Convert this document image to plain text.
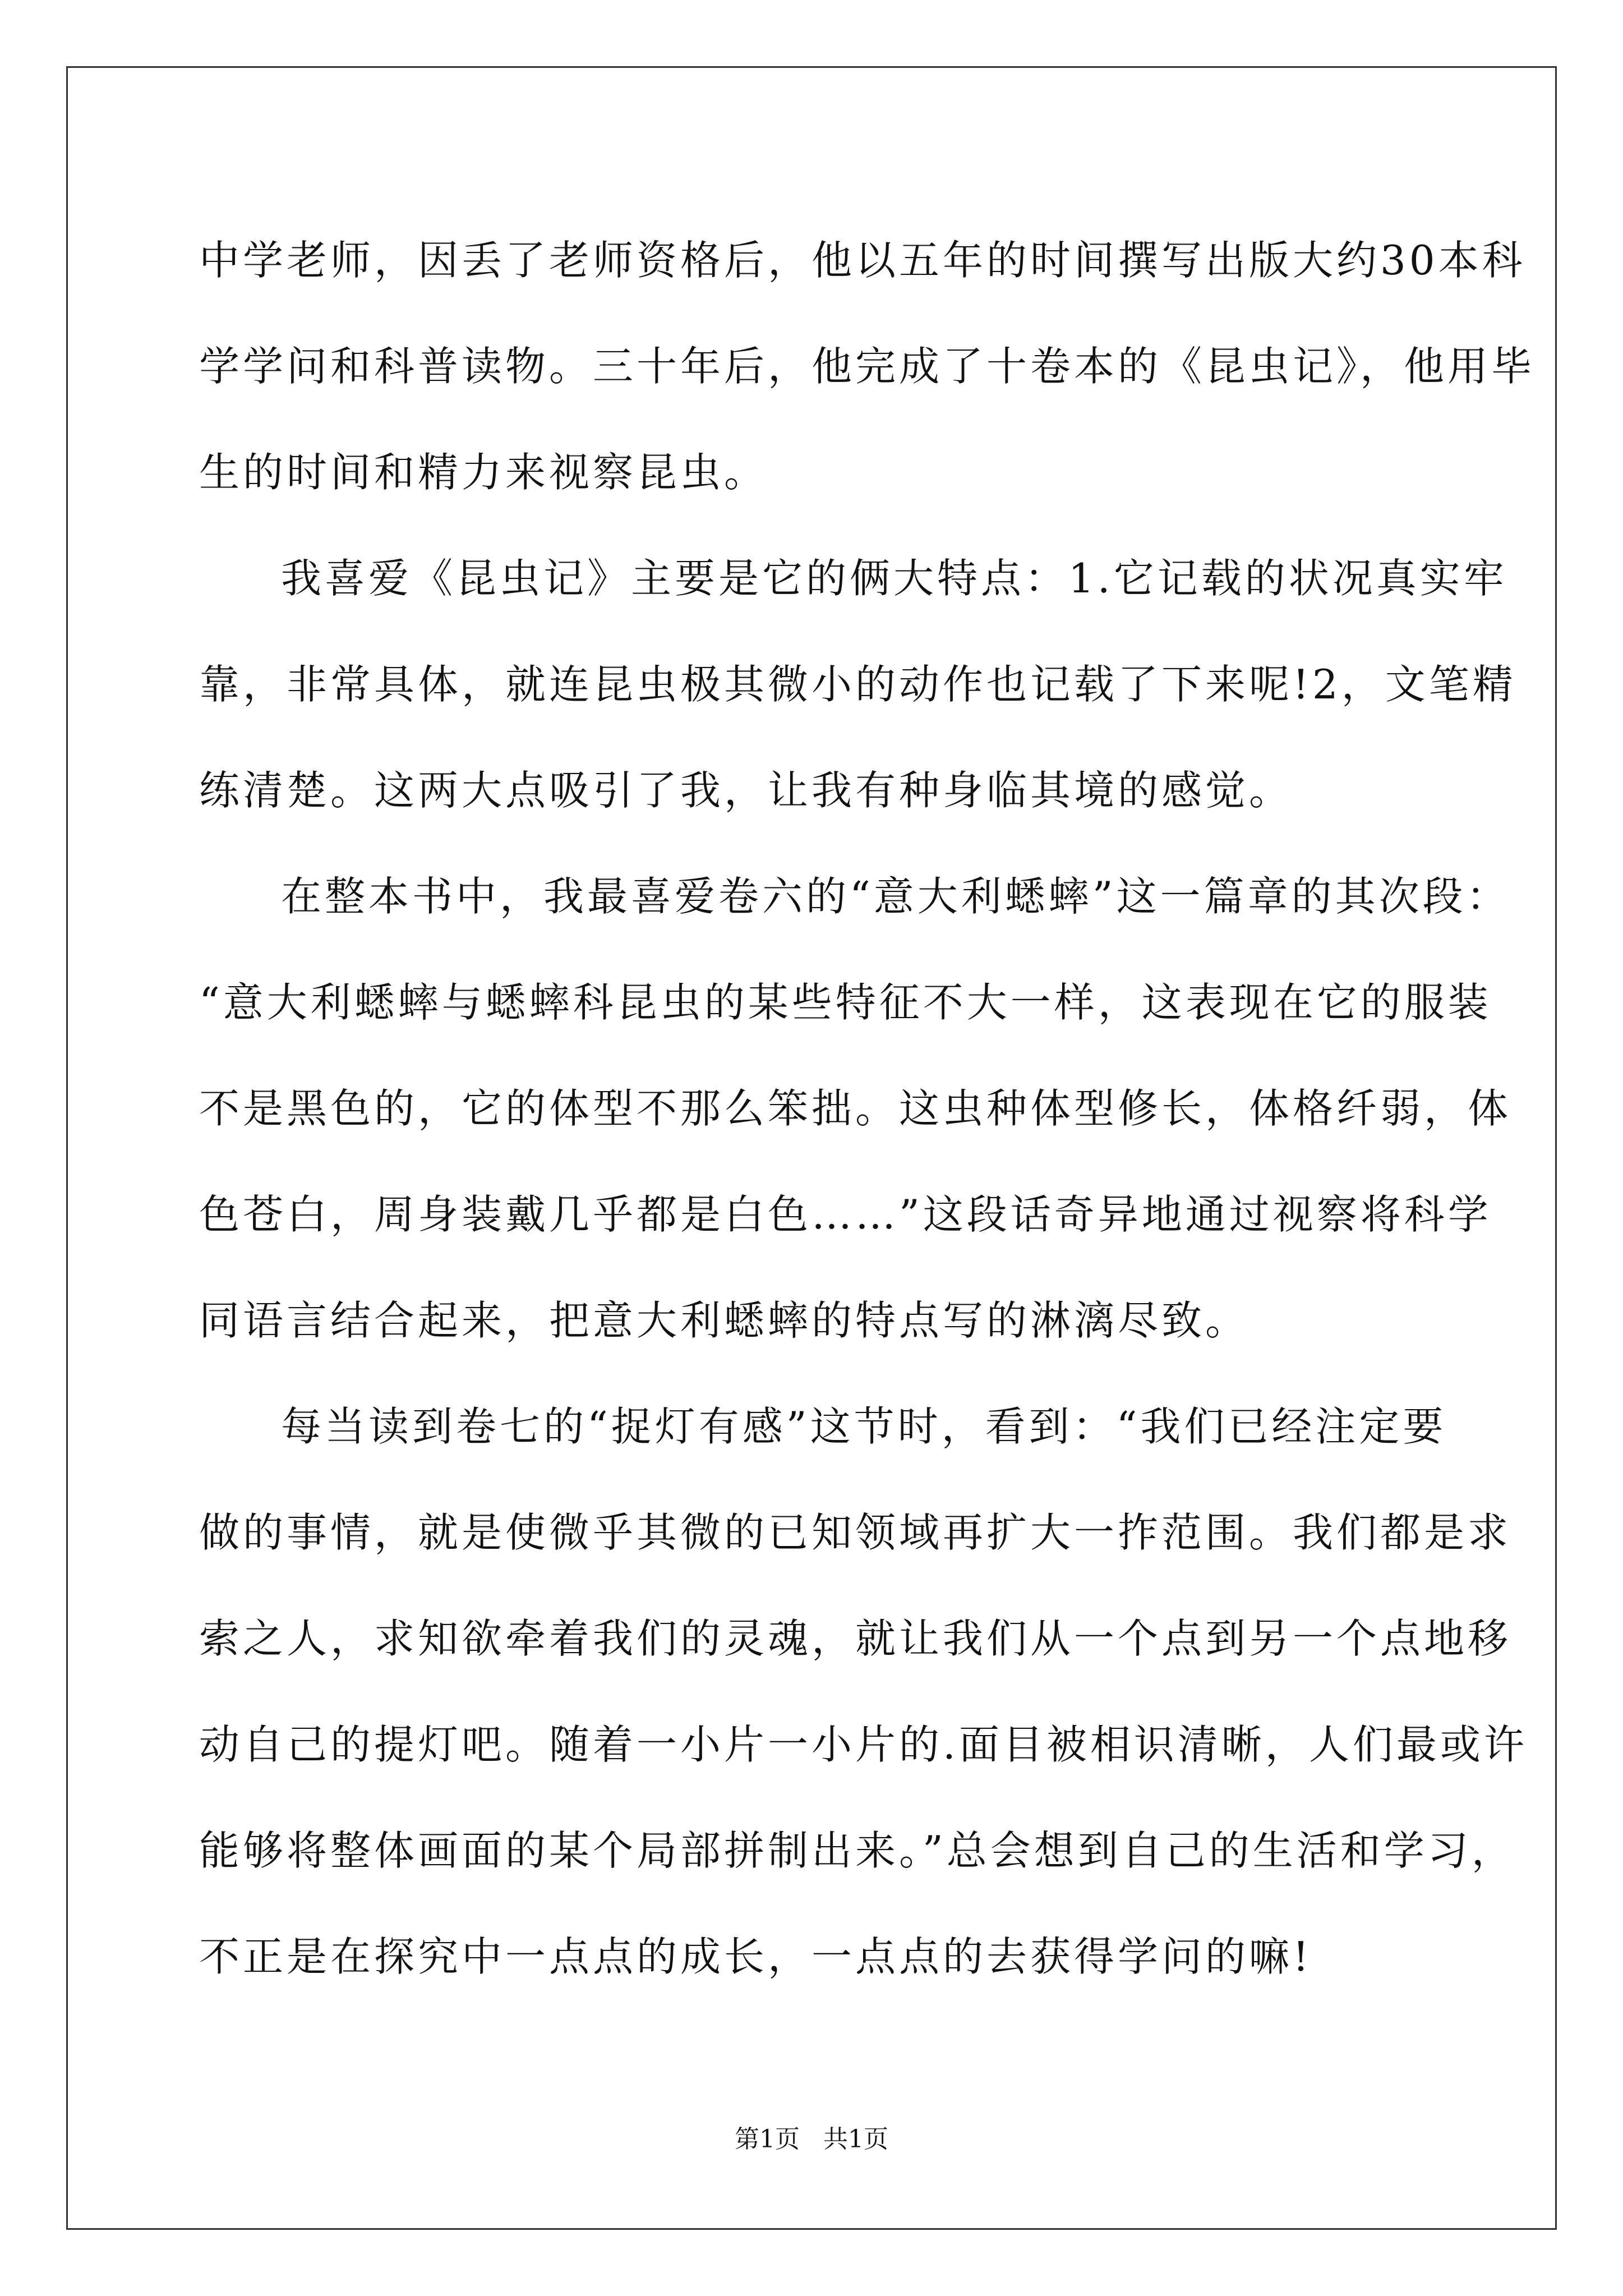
中学老师，因丢了老师资格后，他以五年的时间撰写出版大约30本科
学学问和科普读物。三十年后，他完成了十卷本的《昆虫记》，他用毕
生的时间和精力来视察昆虫。
我喜爱《昆虫记》主要是它的俩大特点：1.它记载的状况真实牢
靠，非常具体，就连昆虫极其微小的动作也记载了下来呢!2，文笔精
练清楚。这两大点吸引了我，让我有种身临其境的感觉。
在整本书中，我最喜爱卷六的“意大利蟋蟀”这一篇章的其次段：
“意大利蟋蟀与蟋蟀科昆虫的某些特征不大一样，这表现在它的服装
不是黑色的，它的体型不那么笨拙。这虫种体型修长，体格纤弱，体
色苍白，周身装戴几乎都是白色……”这段话奇异地通过视察将科学
同语言结合起来，把意大利蟋蟀的特点写的淋漓尽致。
每当读到卷七的“捉灯有感”这节时，看到：“我们已经注定要
做的事情，就是使微乎其微的已知领域再扩大一拃范围。我们都是求
索之人，求知欲牵着我们的灵魂，就让我们从一个点到另一个点地移
动自己的提灯吧。随着一小片一小片的.面目被相识清晰，人们最或许
能够将整体画面的某个局部拼制出来。”总会想到自己的生活和学习，
不正是在探究中一点点的成长，一点点的去获得学问的嘛!
第1页   共1页
